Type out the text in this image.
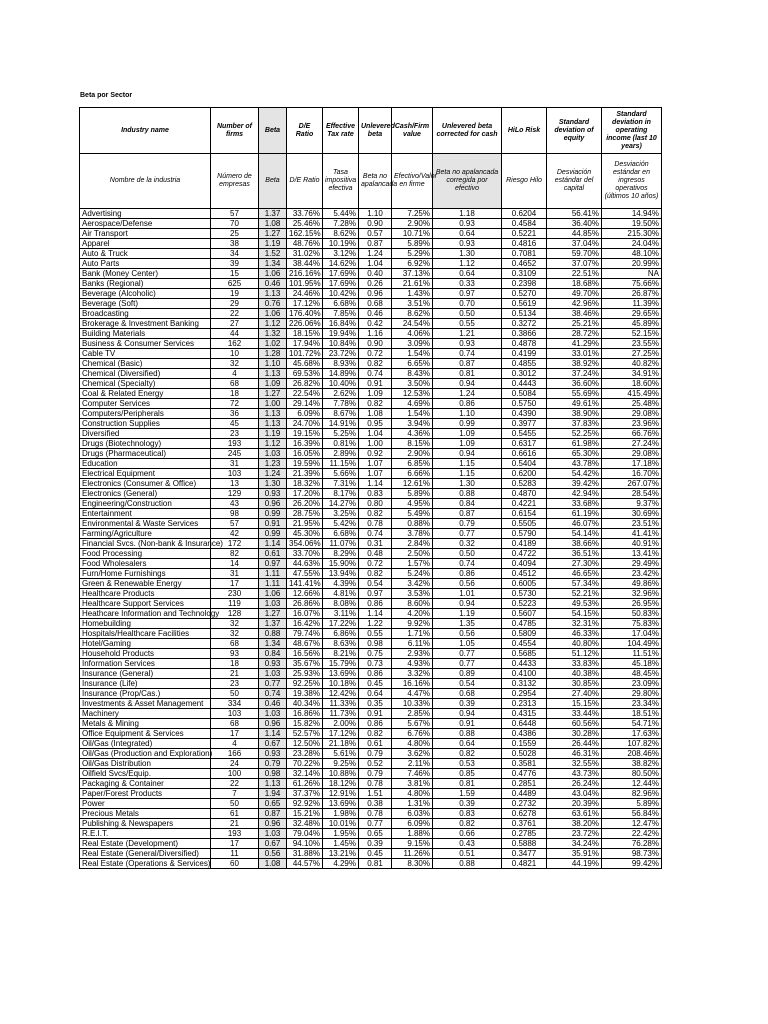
Beta por Sector
Industry name	Number of firms	Beta	D/E Ratio	Effective Tax rate	Unlevered beta	Cash/Firm value	Unlevered beta corrected for cash	HiLo Risk	Standard deviation of equity	Standard deviation in operating income (last 10 years)
Nombre de la industria	Número de empresas	Beta	D/E Ratio	Tasa impositiva efectiva	Beta no apalancada	Efectivo/Valor en firme	Beta no apalancada corregida por efectivo	Riesgo Hilo	Desviación estándar del capital	Desviación estándar en ingresos operativos (últimos 10 años)
Advertising	57	1.37	33.76%	5.44%	1.10	7.25%	1.18	0.6204	56.41%	14.94%
Aerospace/Defense	70	1.08	25.46%	7.28%	0.90	2.90%	0.93	0.4584	36.40%	19.50%
Air Transport	25	1.27	162.15%	8.62%	0.57	10.71%	0.64	0.5221	44.85%	215.30%
Apparel	38	1.19	48.76%	10.19%	0.87	5.89%	0.93	0.4816	37.04%	24.04%
Auto & Truck	34	1.52	31.02%	3.12%	1.24	5.29%	1.30	0.7081	59.70%	48.10%
Auto Parts	39	1.34	38.44%	14.62%	1.04	6.92%	1.12	0.4652	37.07%	20.99%
Bank (Money Center)	15	1.06	216.16%	17.69%	0.40	37.13%	0.64	0.3109	22.51%	NA
Banks (Regional)	625	0.46	101.95%	17.69%	0.26	21.61%	0.33	0.2398	18.68%	75.66%
Beverage (Alcoholic)	19	1.13	24.46%	10.42%	0.96	1.43%	0.97	0.5270	49.70%	26.87%
Beverage (Soft)	29	0.76	17.12%	6.68%	0.68	3.51%	0.70	0.5619	42.96%	11.39%
Broadcasting	22	1.06	176.40%	7.85%	0.46	8.62%	0.50	0.5134	38.46%	29.65%
Brokerage & Investment Banking	27	1.12	226.06%	16.84%	0.42	24.54%	0.55	0.3272	25.21%	45.89%
Building Materials	44	1.32	18.15%	19.94%	1.16	4.06%	1.21	0.3866	28.72%	52.15%
Business & Consumer Services	162	1.02	17.94%	10.84%	0.90	3.09%	0.93	0.4878	41.29%	23.55%
Cable TV	10	1.28	101.72%	23.72%	0.72	1.54%	0.74	0.4199	33.01%	27.25%
Chemical (Basic)	32	1.10	45.68%	8.93%	0.82	6.65%	0.87	0.4855	38.92%	40.82%
Chemical (Diversified)	4	1.13	69.53%	14.89%	0.74	8.43%	0.81	0.3012	37.24%	34.91%
Chemical (Specialty)	68	1.09	26.82%	10.40%	0.91	3.50%	0.94	0.4443	36.60%	18.60%
Coal & Related Energy	18	1.27	22.54%	2.62%	1.09	12.53%	1.24	0.5084	55.69%	415.49%
Computer Services	72	1.00	29.14%	7.78%	0.82	4.69%	0.86	0.5750	49.61%	25.48%
Computers/Peripherals	36	1.13	6.09%	8.67%	1.08	1.54%	1.10	0.4390	38.90%	29.08%
Construction Supplies	45	1.13	24.70%	14.91%	0.95	3.94%	0.99	0.3977	37.83%	23.96%
Diversified	23	1.19	19.15%	5.25%	1.04	4.36%	1.09	0.5455	52.25%	66.76%
Drugs (Biotechnology)	193	1.12	16.39%	0.81%	1.00	8.15%	1.09	0.6317	61.98%	27.24%
Drugs (Pharmaceutical)	245	1.03	16.05%	2.89%	0.92	2.90%	0.94	0.6616	65.30%	29.08%
Education	31	1.23	19.59%	11.15%	1.07	6.85%	1.15	0.5404	43.78%	17.18%
Electrical Equipment	103	1.24	21.39%	5.66%	1.07	6.66%	1.15	0.6200	54.42%	16.70%
Electronics (Consumer & Office)	13	1.30	18.32%	7.31%	1.14	12.61%	1.30	0.5283	39.42%	267.07%
Electronics (General)	129	0.93	17.20%	8.17%	0.83	5.89%	0.88	0.4870	42.94%	28.54%
Engineering/Construction	43	0.96	26.20%	14.27%	0.80	4.95%	0.84	0.4221	33.68%	9.37%
Entertainment	98	0.99	28.75%	3.25%	0.82	5.49%	0.87	0.6154	61.19%	30.69%
Environmental & Waste Services	57	0.91	21.95%	5.42%	0.78	0.88%	0.79	0.5505	46.07%	23.51%
Farming/Agriculture	42	0.99	45.30%	6.68%	0.74	3.78%	0.77	0.5790	54.14%	41.41%
Financial Svcs. (Non-bank & Insurance)	172	1.14	354.06%	11.07%	0.31	2.84%	0.32	0.4189	38.66%	40.91%
Food Processing	82	0.61	33.70%	8.29%	0.48	2.50%	0.50	0.4722	36.51%	13.41%
Food Wholesalers	14	0.97	44.63%	15.90%	0.72	1.57%	0.74	0.4094	27.30%	29.49%
Furn/Home Furnishings	31	1.11	47.55%	13.94%	0.82	5.24%	0.86	0.4512	46.65%	23.42%
Green & Renewable Energy	17	1.11	141.41%	4.39%	0.54	3.42%	0.56	0.6005	57.34%	49.86%
Healthcare Products	230	1.06	12.66%	4.81%	0.97	3.53%	1.01	0.5730	52.21%	32.96%
Healthcare Support Services	119	1.03	26.86%	8.08%	0.86	8.60%	0.94	0.5223	49.53%	26.95%
Heathcare Information and Technology	128	1.27	16.07%	3.11%	1.14	4.20%	1.19	0.5607	54.15%	50.83%
Homebuilding	32	1.37	16.42%	17.22%	1.22	9.92%	1.35	0.4785	32.31%	75.83%
Hospitals/Healthcare Facilities	32	0.88	79.74%	6.86%	0.55	1.71%	0.56	0.5809	46.33%	17.04%
Hotel/Gaming	68	1.34	48.67%	8.63%	0.98	6.11%	1.05	0.4554	40.80%	104.49%
Household Products	93	0.84	16.56%	8.21%	0.75	2.93%	0.77	0.5685	51.12%	11.51%
Information Services	18	0.93	35.67%	15.79%	0.73	4.93%	0.77	0.4433	33.83%	45.18%
Insurance (General)	21	1.03	25.93%	13.69%	0.86	3.32%	0.89	0.4100	40.38%	48.45%
Insurance (Life)	23	0.77	92.25%	10.18%	0.45	16.16%	0.54	0.3132	30.85%	23.09%
Insurance (Prop/Cas.)	50	0.74	19.38%	12.42%	0.64	4.47%	0.68	0.2954	27.40%	29.80%
Investments & Asset Management	334	0.46	40.34%	11.33%	0.35	10.33%	0.39	0.2313	15.15%	23.34%
Machinery	103	1.03	16.86%	11.73%	0.91	2.85%	0.94	0.4315	33.44%	18.51%
Metals & Mining	68	0.96	15.82%	2.00%	0.86	5.67%	0.91	0.6448	60.56%	54.71%
Office Equipment & Services	17	1.14	52.57%	17.12%	0.82	6.76%	0.88	0.4386	30.28%	17.63%
Oil/Gas (Integrated)	4	0.67	12.50%	21.18%	0.61	4.80%	0.64	0.1559	26.44%	107.82%
Oil/Gas (Production and Exploration)	166	0.93	23.28%	5.61%	0.79	3.62%	0.82	0.5028	46.31%	208.46%
Oil/Gas Distribution	24	0.79	70.22%	9.25%	0.52	2.11%	0.53	0.3581	32.55%	38.82%
Oilfield Svcs/Equip.	100	0.98	32.14%	10.88%	0.79	7.46%	0.85	0.4776	43.73%	80.50%
Packaging & Container	22	1.13	61.26%	18.12%	0.78	3.81%	0.81	0.2851	26.24%	12.44%
Paper/Forest Products	7	1.94	37.37%	12.91%	1.51	4.80%	1.59	0.4489	43.04%	82.96%
Power	50	0.65	92.92%	13.69%	0.38	1.31%	0.39	0.2732	20.39%	5.89%
Precious Metals	61	0.87	15.21%	1.98%	0.78	6.03%	0.83	0.6278	63.61%	56.84%
Publishing & Newspapers	21	0.96	32.48%	10.01%	0.77	6.09%	0.82	0.3761	38.20%	12.47%
R.E.I.T.	193	1.03	79.04%	1.95%	0.65	1.88%	0.66	0.2785	23.72%	22.42%
Real Estate (Development)	17	0.67	94.10%	1.45%	0.39	9.15%	0.43	0.5888	34.24%	76.28%
Real Estate (General/Diversified)	11	0.56	31.88%	13.21%	0.45	11.26%	0.51	0.3477	35.91%	98.73%
Real Estate (Operations & Services)	60	1.08	44.57%	4.29%	0.81	8.30%	0.88	0.4821	44.19%	99.42%
